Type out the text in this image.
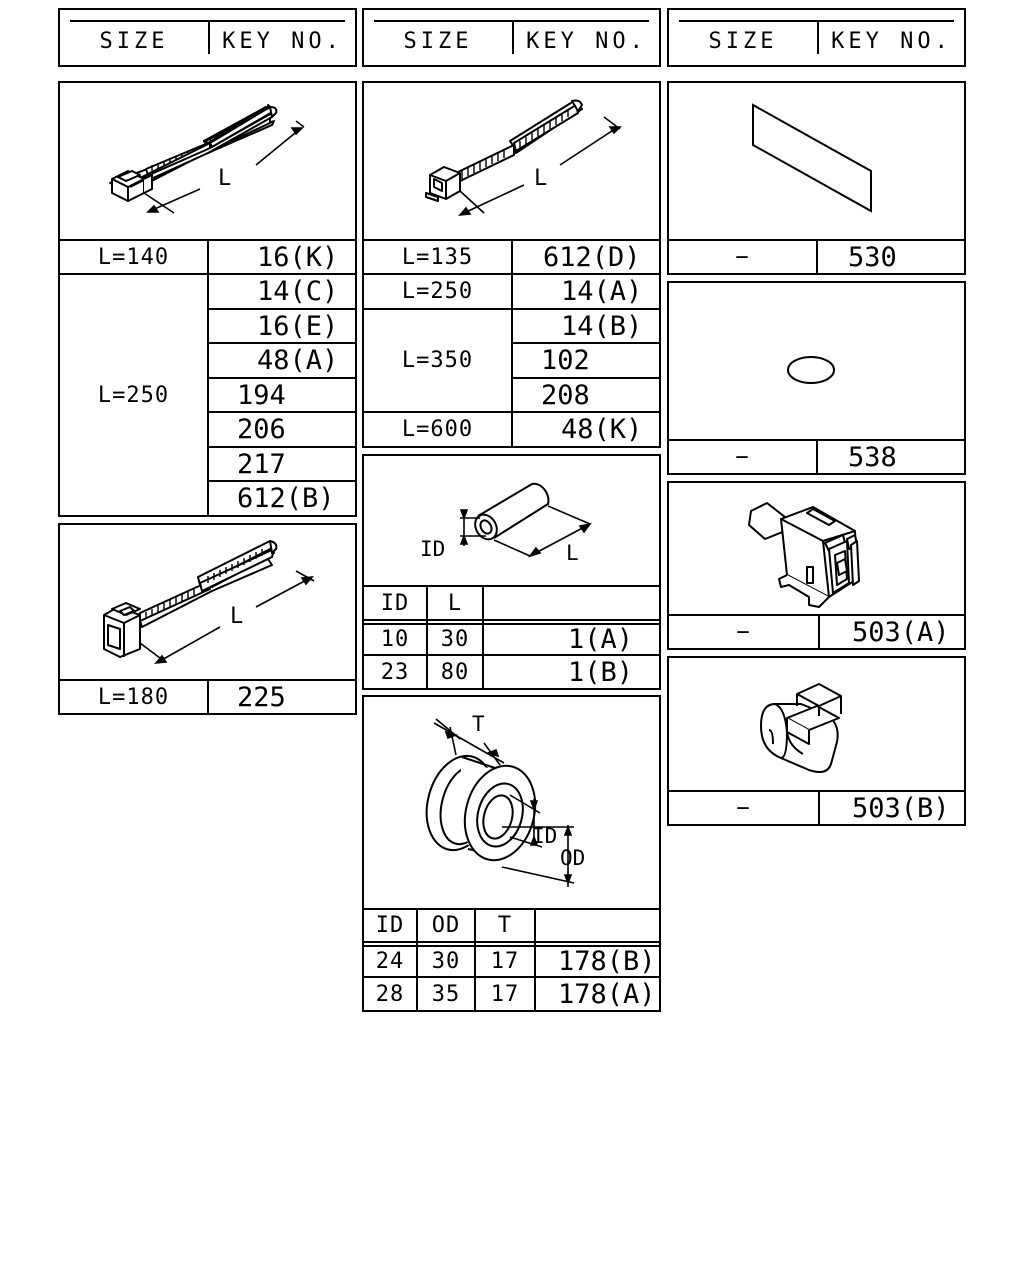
SIZE	KEY NO.	SIZE	KEY NO.	SIZE	KEY NO.
L
L=140	16(K)
L=250
14(C)
16(E)
48(A)
194
206
217
612(B)
L
L=180	225
L
L=135	612(D)
L=250	14(A)
L=350
14(B)
102
208
L=600	48(K)
ID	L
ID	L
10	30	1(A)
23	80	1(B)
T
ID
OD
ID	OD	T
24	30	17	178(B)
28	35	17	178(A)
−	530
−	538
−	503(A)
−	503(B)
